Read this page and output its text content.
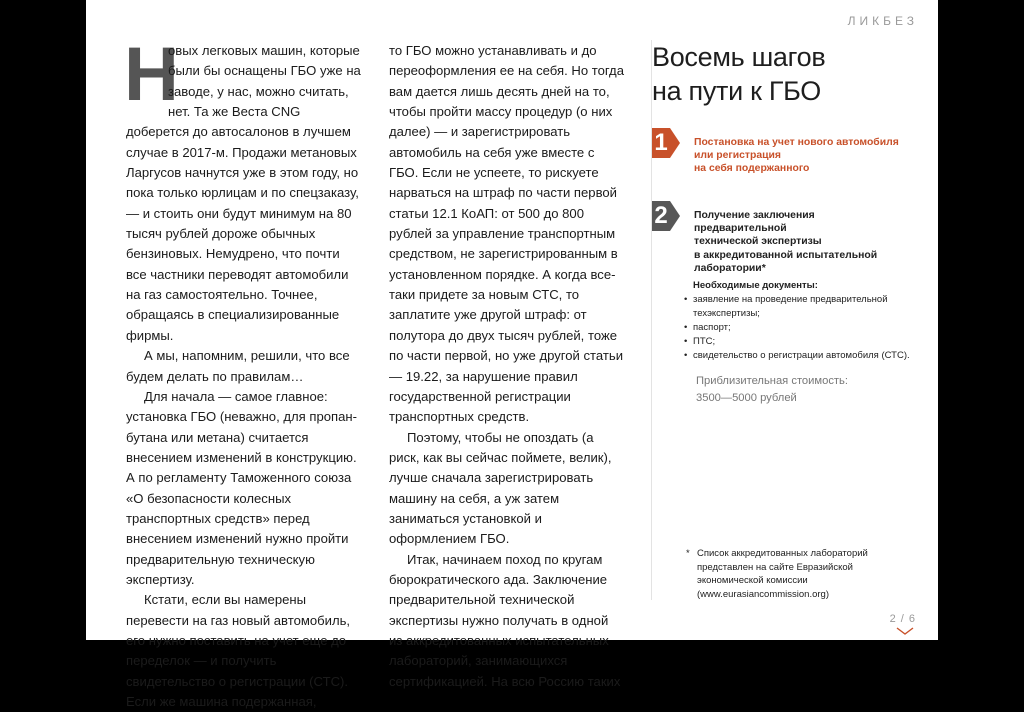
ЛИКБЕЗ

Н
овых легковых машин, которые были бы оснащены ГБО уже на заводе, у нас, можно считать, нет. Та же Веста CNG доберется до автосалонов в лучшем случае в 2017-м. Продажи метановых Ларгусов начнутся уже в этом году, но пока только юрлицам и по спецзаказу, — и стоить они будут минимум на 80 тысяч рублей дороже обычных бензиновых. Немудрено, что почти все частники переводят автомобили на газ самостоятельно. Точнее, обращаясь в специализированные фирмы.

А мы, напомним, решили, что все будем делать по правилам…

Для начала — самое главное: установка ГБО (неважно, для пропан-бутана или метана) считается внесением изменений в конструкцию. А по регламенту Таможенного союза «О безопасности колесных транспортных средств» перед внесением изменений нужно пройти предварительную техническую экспертизу.

Кстати, если вы намерены перевести на газ новый автомобиль, его нужно поставить на учет еще до переделок — и получить свидетельство о регистрации (СТС). Если же машина подержанная,

то ГБО можно устанавливать и до переоформления ее на себя. Но тогда вам дается лишь десять дней на то, чтобы пройти массу процедур (о них далее) — и зарегистрировать автомобиль на себя уже вместе с ГБО. Если не успеете, то рискуете нарваться на штраф по части первой статьи 12.1 КоАП: от 500 до 800 рублей за управление транспортным средством, не зарегистрированным в установленном порядке. А когда все-таки придете за новым СТС, то заплатите уже другой штраф: от полутора до двух тысяч рублей, тоже по части первой, но уже другой статьи — 19.22, за нарушение правил государственной регистрации транспортных средств.

Поэтому, чтобы не опоздать (а риск, как вы сейчас поймете, велик), лучше сначала зарегистрировать машину на себя, а уж затем заниматься установкой и оформлением ГБО.

Итак, начинаем поход по кругам бюрократического ада. Заключение предварительной технической экспертизы нужно получать в одной из аккредитованных испытательных лабораторий, занимающихся сертификацией. На всю Россию таких

Восемь шагов
на пути к ГБО
1	Постановка на учет нового автомобиля
или регистрация
на себя подержанного
2	Получение заключения предварительной
технической экспертизы
в аккредитованной испытательной
лаборатории*
Необходимые документы:
• заявление на проведение предварительной техэкспертизы;
• паспорт;
• ПТС;
• свидетельство о регистрации автомобиля (СТС).
Приблизительная стоимость:
3500—5000 рублей
* Список аккредитованных лабораторий представлен на сайте Евразийской экономической комиссии (www.eurasiancommission.org)
2 / 6
